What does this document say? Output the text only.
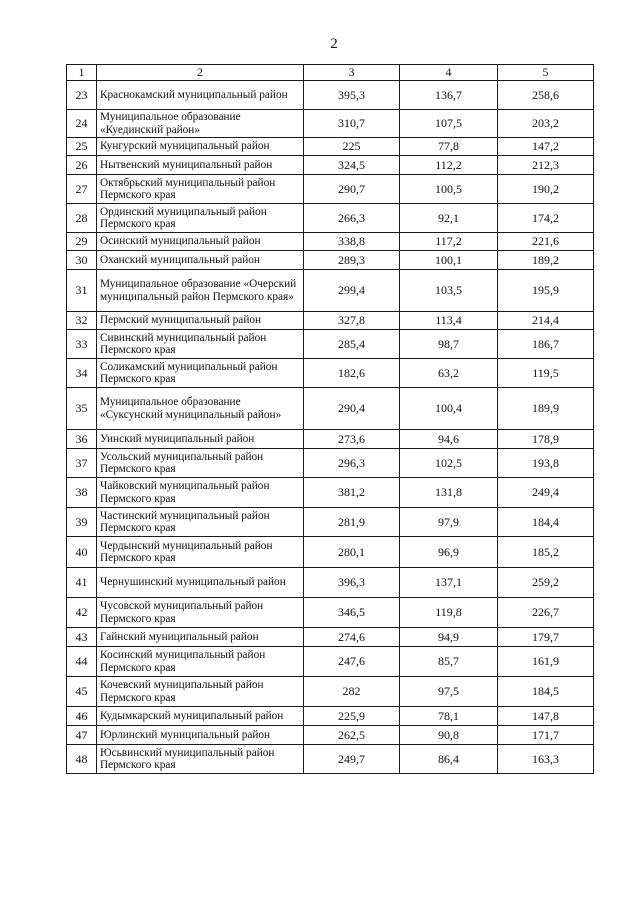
2
1	2	3	4	5
23	Краснокамский муниципальный район	395,3	136,7	258,6
24	Муниципальное образование «Куединский район»	310,7	107,5	203,2
25	Кунгурский муниципальный район	225	77,8	147,2
26	Нытвенский муниципальный район	324,5	112,2	212,3
27	Октябрьский муниципальный район Пермского края	290,7	100,5	190,2
28	Ординский муниципальный район Пермского края	266,3	92,1	174,2
29	Осинский муниципальный район	338,8	117,2	221,6
30	Оханский муниципальный район	289,3	100,1	189,2
31	Муниципальное образование «Очерский муниципальный район Пермского края»	299,4	103,5	195,9
32	Пермский муниципальный район	327,8	113,4	214,4
33	Сивинский муниципальный район Пермского края	285,4	98,7	186,7
34	Соликамский муниципальный район Пермского края	182,6	63,2	119,5
35	Муниципальное образование «Суксунский муниципальный район»	290,4	100,4	189,9
36	Уинский муниципальный район	273,6	94,6	178,9
37	Усольский муниципальный район Пермского края	296,3	102,5	193,8
38	Чайковский муниципальный район Пермского края	381,2	131,8	249,4
39	Частинский муниципальный район Пермского края	281,9	97,9	184,4
40	Чердынский муниципальный район Пермского края	280,1	96,9	185,2
41	Чернушинский муниципальный район	396,3	137,1	259,2
42	Чусовской муниципальный район Пермского края	346,5	119,8	226,7
43	Гайнский муниципальный район	274,6	94,9	179,7
44	Косинский муниципальный район Пермского края	247,6	85,7	161,9
45	Кочевский муниципальный район Пермского края	282	97,5	184,5
46	Кудымкарский муниципальный район	225,9	78,1	147,8
47	Юрлинский муниципальный район	262,5	90,8	171,7
48	Юсьвинский муниципальный район Пермского края	249,7	86,4	163,3
